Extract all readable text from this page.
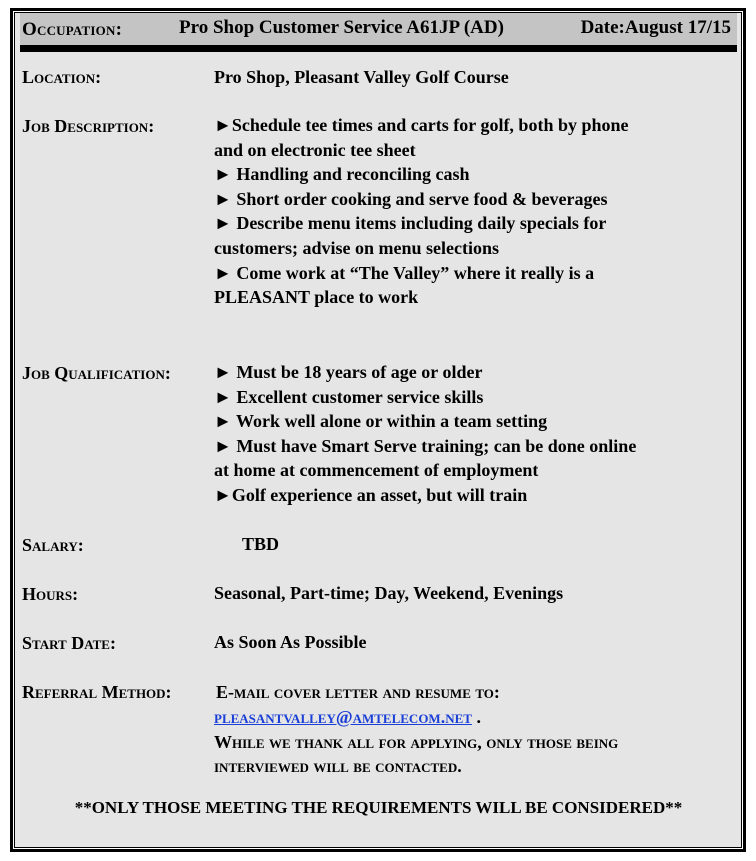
Occupation:	Pro Shop Customer Service A61JP (AD)	Date:August 17/15
Location:	Pro Shop, Pleasant Valley Golf Course
Job Description:	►Schedule tee times and carts for golf, both by phone
and on electronic tee sheet
► Handling and reconciling cash
► Short order cooking and serve food & beverages
► Describe menu items including daily specials for
customers; advise on menu selections
► Come work at “The Valley” where it really is a
PLEASANT place to work
Job Qualification: ► Must be 18 years of age or older
► Excellent customer service skills
► Work well alone or within a team setting
► Must have Smart Serve training; can be done online
at home at commencement of employment
►Golf experience an asset, but will train
Salary:	TBD
Hours:	Seasonal, Part-time; Day, Weekend, Evenings
Start Date:	As Soon As Possible
Referral Method: E-mail cover letter and resume to:
pleasantvalley@amtelecom.net .
While we thank all for applying, only those being
interviewed will be contacted.
**ONLY THOSE MEETING THE REQUIREMENTS WILL BE CONSIDERED**
